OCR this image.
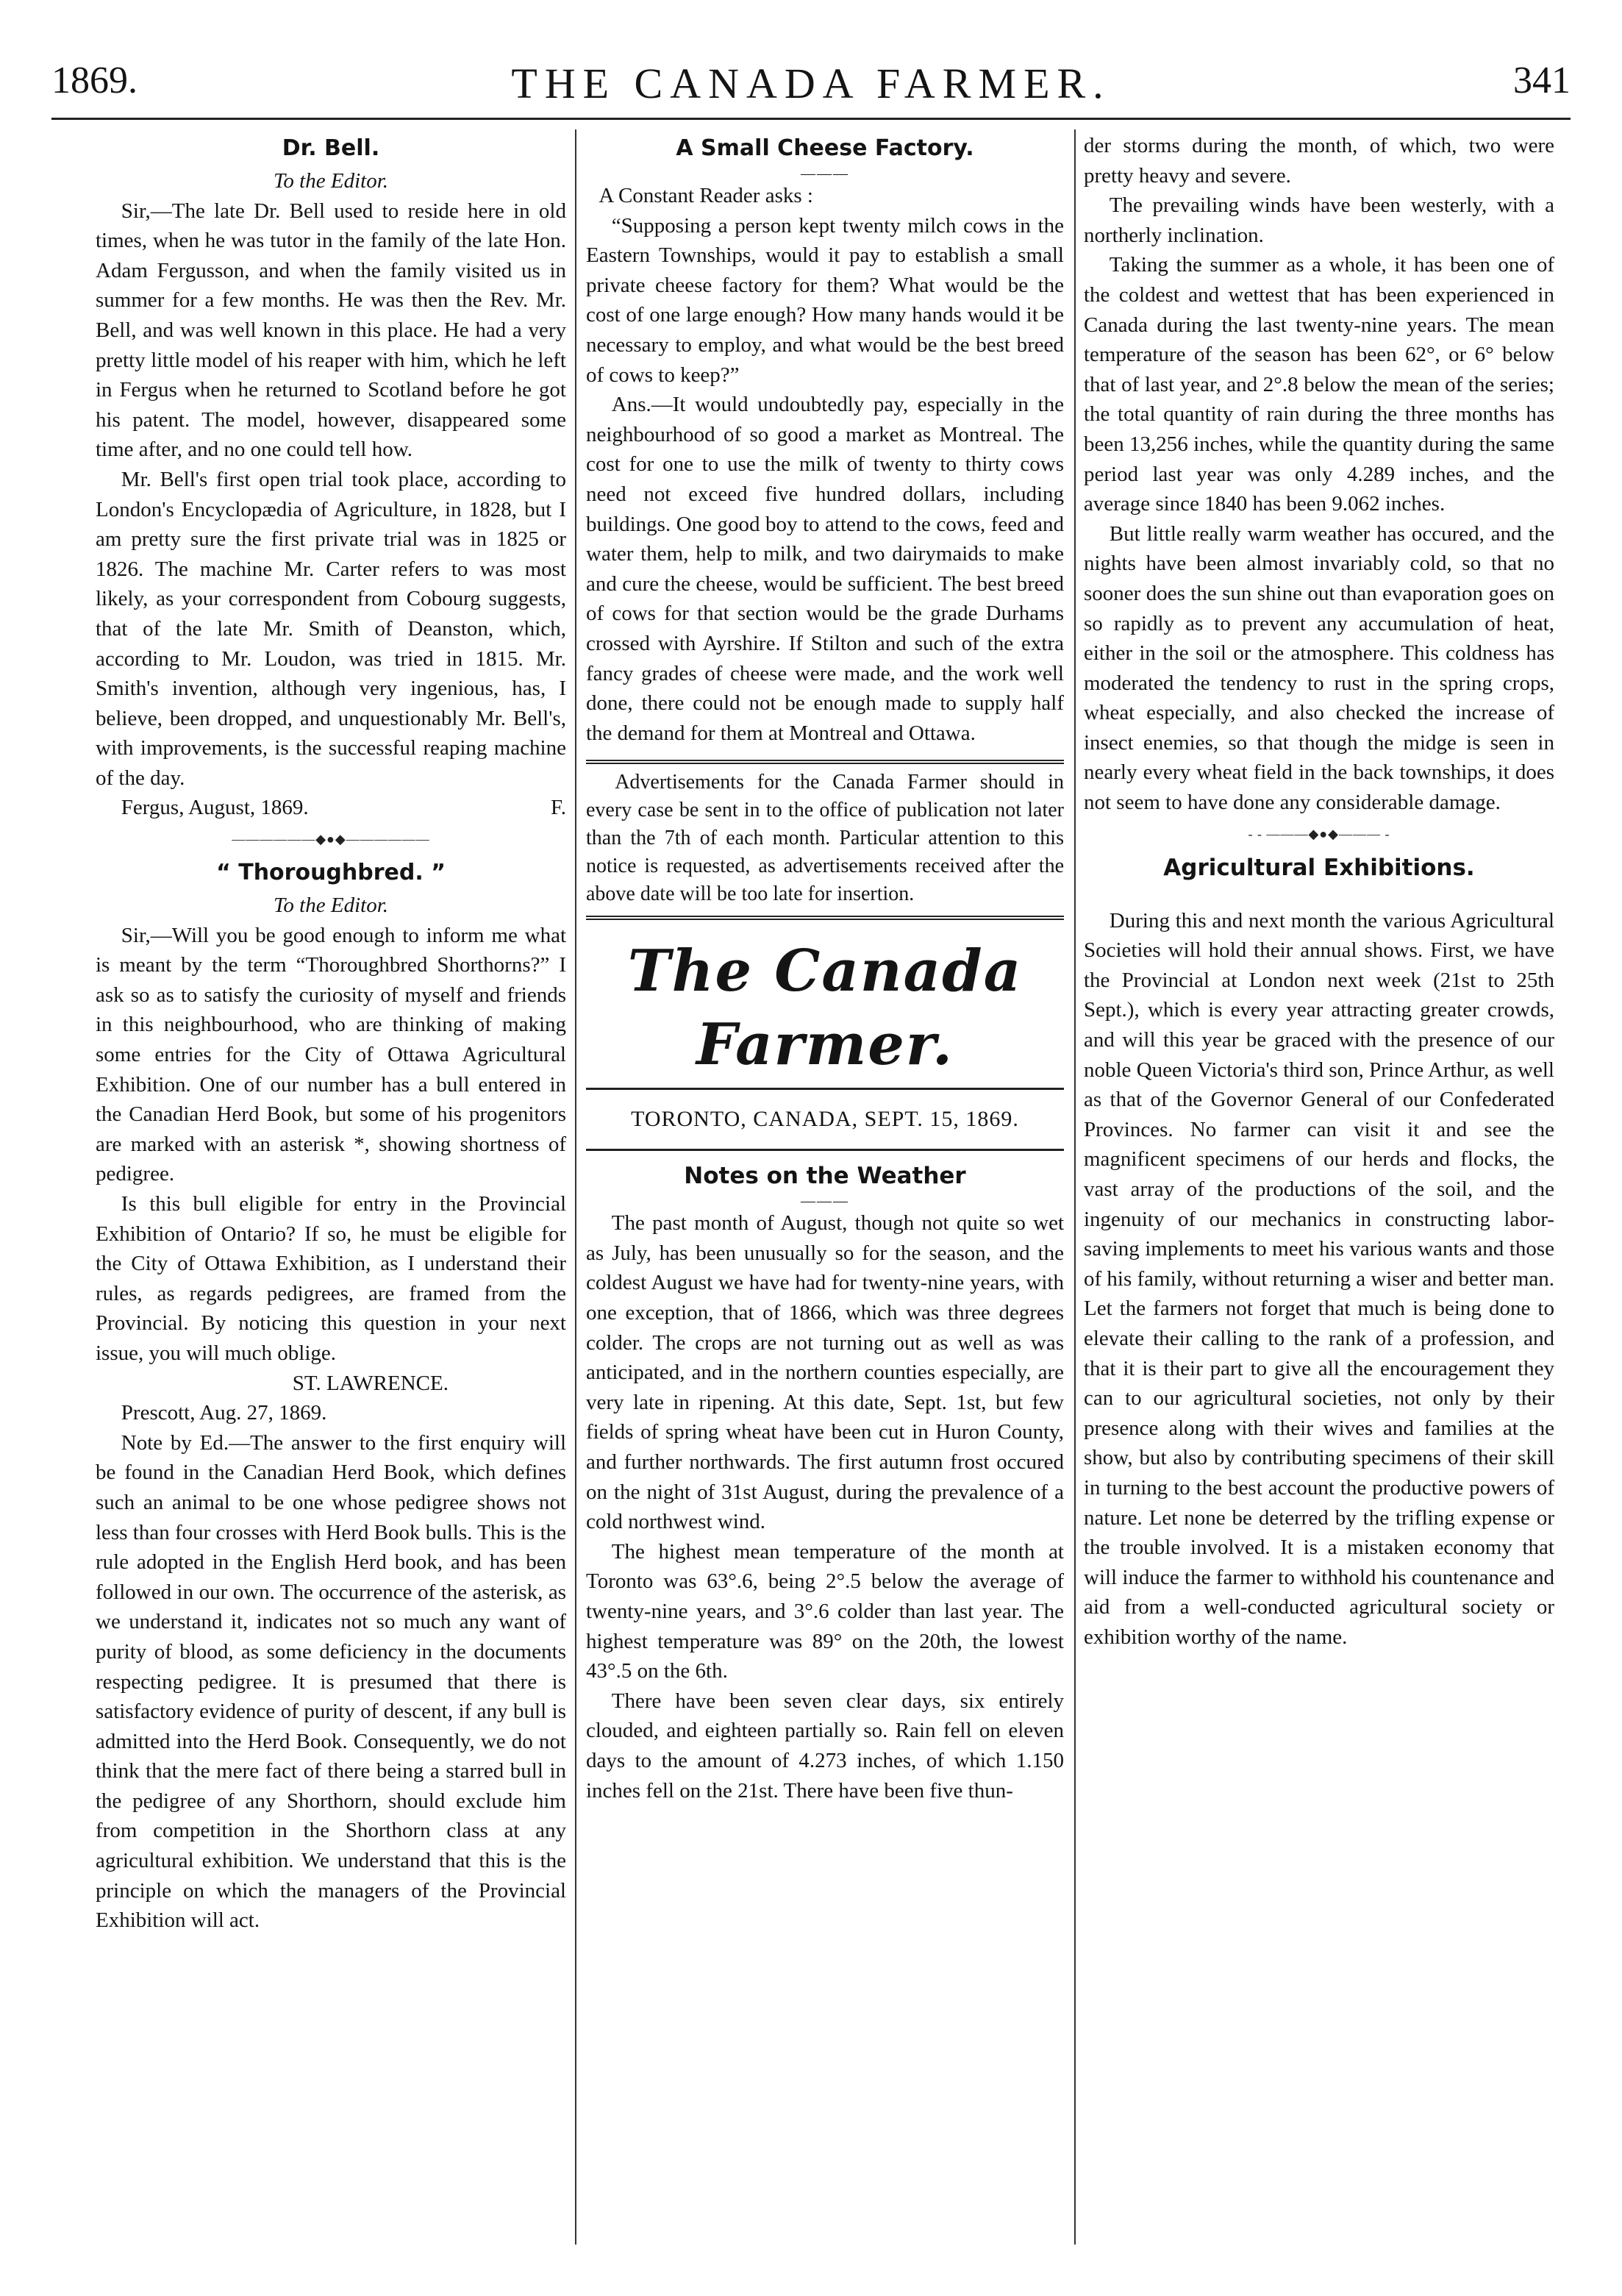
1869.	THE CANADA FARMER.	341
Dr. Bell.
To the Editor.

Sir,—The late Dr. Bell used to reside here in old times, when he was tutor in the family of the late Hon. Adam Fergusson, and when the family visited us in summer for a few months. He was then the Rev. Mr. Bell, and was well known in this place. He had a very pretty little model of his reaper with him, which he left in Fergus when he returned to Scotland before he got his patent. The model, however, disappeared some time after, and no one could tell how.

Mr. Bell's first open trial took place, according to London's Encyclopædia of Agriculture, in 1828, but I am pretty sure the first private trial was in 1825 or 1826. The machine Mr. Carter refers to was most likely, as your correspondent from Cobourg suggests, that of the late Mr. Smith of Deanston, which, according to Mr. Loudon, was tried in 1815. Mr. Smith's invention, although very ingenious, has, I believe, been dropped, and unquestionably Mr. Bell's, with improvements, is the successful reaping machine of the day.

F.
Fergus, August, 1869.

——————◆●◆——————
“ Thoroughbred. ”
To the Editor.

Sir,—Will you be good enough to inform me what is meant by the term “Thoroughbred Shorthorns?” I ask so as to satisfy the curiosity of myself and friends in this neighbourhood, who are thinking of making some entries for the City of Ottawa Agricultural Exhibition. One of our number has a bull entered in the Canadian Herd Book, but some of his progenitors are marked with an asterisk *, showing shortness of pedigree.

Is this bull eligible for entry in the Provincial Exhibition of Ontario? If so, he must be eligible for the City of Ottawa Exhibition, as I understand their rules, as regards pedigrees, are framed from the Provincial. By noticing this question in your next issue, you will much oblige.

ST. LAWRENCE.

Prescott, Aug. 27, 1869.

Note by Ed.—The answer to the first enquiry will be found in the Canadian Herd Book, which defines such an animal to be one whose pedigree shows not less than four crosses with Herd Book bulls. This is the rule adopted in the English Herd book, and has been followed in our own. The occurrence of the asterisk, as we understand it, indicates not so much any want of purity of blood, as some deficiency in the documents respecting pedigree. It is presumed that there is satisfactory evidence of purity of descent, if any bull is admitted into the Herd Book. Consequently, we do not think that the mere fact of there being a starred bull in the pedigree of any Shorthorn, should exclude him from competition in the Shorthorn class at any agricultural exhibition. We understand that this is the principle on which the managers of the Provincial Exhibition will act.

A Small Cheese Factory.
———

A Constant Reader asks :

“Supposing a person kept twenty milch cows in the Eastern Townships, would it pay to establish a small private cheese factory for them? What would be the cost of one large enough? How many hands would it be necessary to employ, and what would be the best breed of cows to keep?”

Ans.—It would undoubtedly pay, especially in the neighbourhood of so good a market as Montreal. The cost for one to use the milk of twenty to thirty cows need not exceed five hundred dollars, including buildings. One good boy to attend to the cows, feed and water them, help to milk, and two dairymaids to make and cure the cheese, would be sufficient. The best breed of cows for that section would be the grade Durhams crossed with Ayrshire. If Stilton and such of the extra fancy grades of cheese were made, and the work well done, there could not be enough made to supply half the demand for them at Montreal and Ottawa.

Advertisements for the Canada Farmer should in every case be sent in to the office of publication not later than the 7th of each month. Particular attention to this notice is requested, as advertisements received after the above date will be too late for insertion.

The Canada Farmer.
TORONTO, CANADA, SEPT. 15, 1869.
Notes on the Weather
———

The past month of August, though not quite so wet as July, has been unusually so for the season, and the coldest August we have had for twenty-nine years, with one exception, that of 1866, which was three degrees colder. The crops are not turning out as well as was anticipated, and in the northern counties especially, are very late in ripening. At this date, Sept. 1st, but few fields of spring wheat have been cut in Huron County, and further northwards. The first autumn frost occured on the night of 31st August, during the prevalence of a cold northwest wind.

The highest mean temperature of the month at Toronto was 63°.6, being 2°.5 below the average of twenty-nine years, and 3°.6 colder than last year. The highest temperature was 89° on the 20th, the lowest 43°.5 on the 6th.

There have been seven clear days, six entirely clouded, and eighteen partially so. Rain fell on eleven days to the amount of 4.273 inches, of which 1.150 inches fell on the 21st. There have been five thun-

der storms during the month, of which, two were pretty heavy and severe.

The prevailing winds have been westerly, with a northerly inclination.

Taking the summer as a whole, it has been one of the coldest and wettest that has been experienced in Canada during the last twenty-nine years. The mean temperature of the season has been 62°, or 6° below that of last year, and 2°.8 below the mean of the series; the total quantity of rain during the three months has been 13,256 inches, while the quantity during the same period last year was only 4.289 inches, and the average since 1840 has been 9.062 inches.

But little really warm weather has occured, and the nights have been almost invariably cold, so that no sooner does the sun shine out than evaporation goes on so rapidly as to prevent any accumulation of heat, either in the soil or the atmosphere. This coldness has moderated the tendency to rust in the spring crops, wheat especially, and also checked the increase of insect enemies, so that though the midge is seen in nearly every wheat field in the back townships, it does not seem to have done any considerable damage.

- - ———◆●◆——— -
Agricultural Exhibitions.

During this and next month the various Agricultural Societies will hold their annual shows. First, we have the Provincial at London next week (21st to 25th Sept.), which is every year attracting greater crowds, and will this year be graced with the presence of our noble Queen Victoria's third son, Prince Arthur, as well as that of the Governor General of our Confederated Provinces. No farmer can visit it and see the magnificent specimens of our herds and flocks, the vast array of the productions of the soil, and the ingenuity of our mechanics in constructing labor-saving implements to meet his various wants and those of his family, without returning a wiser and better man. Let the farmers not forget that much is being done to elevate their calling to the rank of a profession, and that it is their part to give all the encouragement they can to our agricultural societies, not only by their presence along with their wives and families at the show, but also by contributing specimens of their skill in turning to the best account the productive powers of nature. Let none be deterred by the trifling expense or the trouble involved. It is a mistaken economy that will induce the farmer to withhold his countenance and aid from a well-conducted agricultural society or exhibition worthy of the name.
